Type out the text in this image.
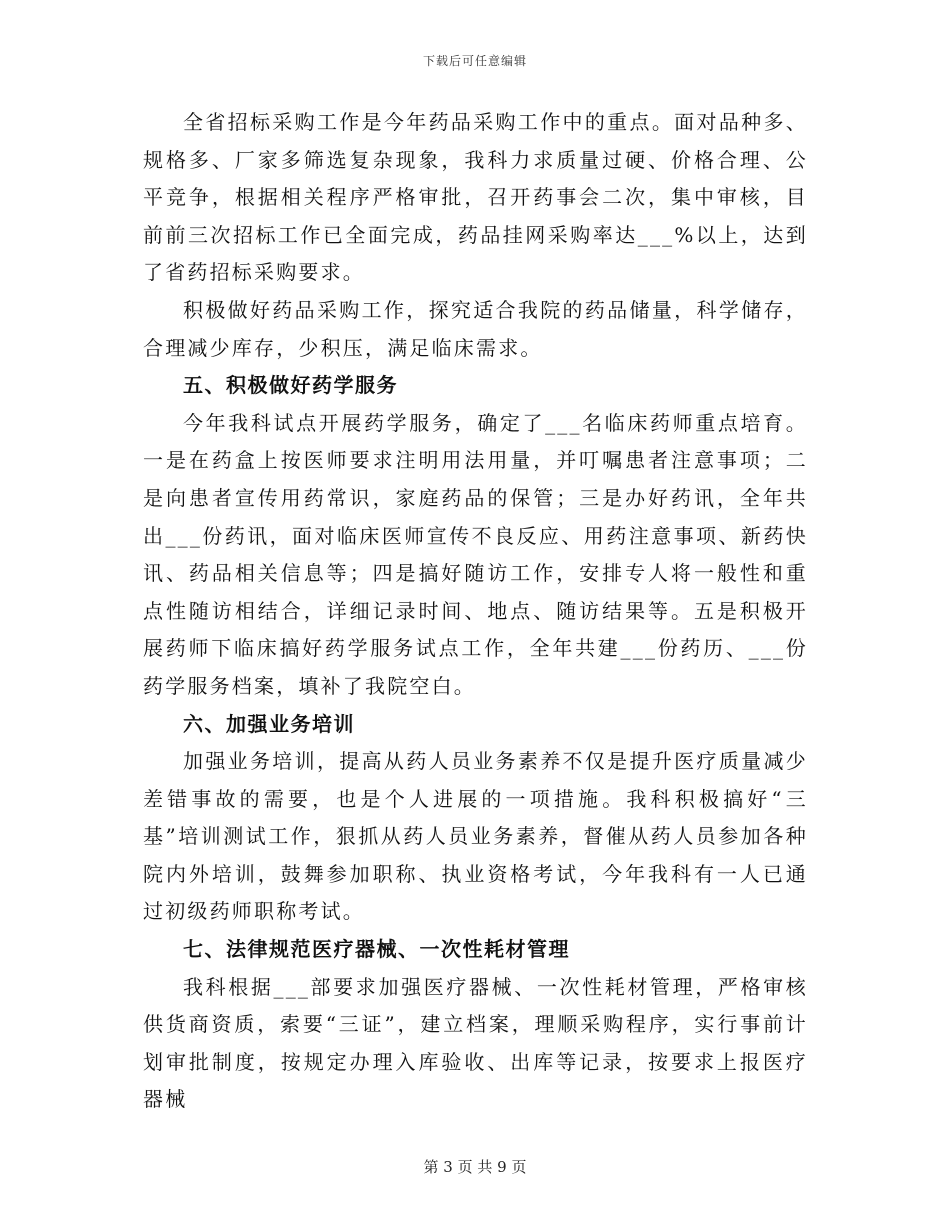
下载后可任意编辑

全省招标采购工作是今年药品采购工作中的重点。面对品种多、规格多、厂家多筛选复杂现象，我科力求质量过硬、价格合理、公平竞争，根据相关程序严格审批，召开药事会二次，集中审核，目前前三次招标工作已全面完成，药品挂网采购率达___%以上，达到了省药招标采购要求。

积极做好药品采购工作，探究适合我院的药品储量，科学储存，合理减少库存，少积压，满足临床需求。

五、积极做好药学服务

今年我科试点开展药学服务，确定了___名临床药师重点培育。一是在药盒上按医师要求注明用法用量，并叮嘱患者注意事项；二是向患者宣传用药常识，家庭药品的保管；三是办好药讯，全年共出___份药讯，面对临床医师宣传不良反应、用药注意事项、新药快讯、药品相关信息等；四是搞好随访工作，安排专人将一般性和重点性随访相结合，详细记录时间、地点、随访结果等。五是积极开展药师下临床搞好药学服务试点工作，全年共建___份药历、___份药学服务档案，填补了我院空白。

六、加强业务培训

加强业务培训，提高从药人员业务素养不仅是提升医疗质量减少差错事故的需要，也是个人进展的一项措施。我科积极搞好“三基”培训测试工作，狠抓从药人员业务素养，督催从药人员参加各种院内外培训，鼓舞参加职称、执业资格考试，今年我科有一人已通过初级药师职称考试。

七、法律规范医疗器械、一次性耗材管理

我科根据___部要求加强医疗器械、一次性耗材管理，严格审核供货商资质，索要“三证”，建立档案，理顺采购程序，实行事前计划审批制度，按规定办理入库验收、出库等记录，按要求上报医疗器械

第 3 页 共 9 页
